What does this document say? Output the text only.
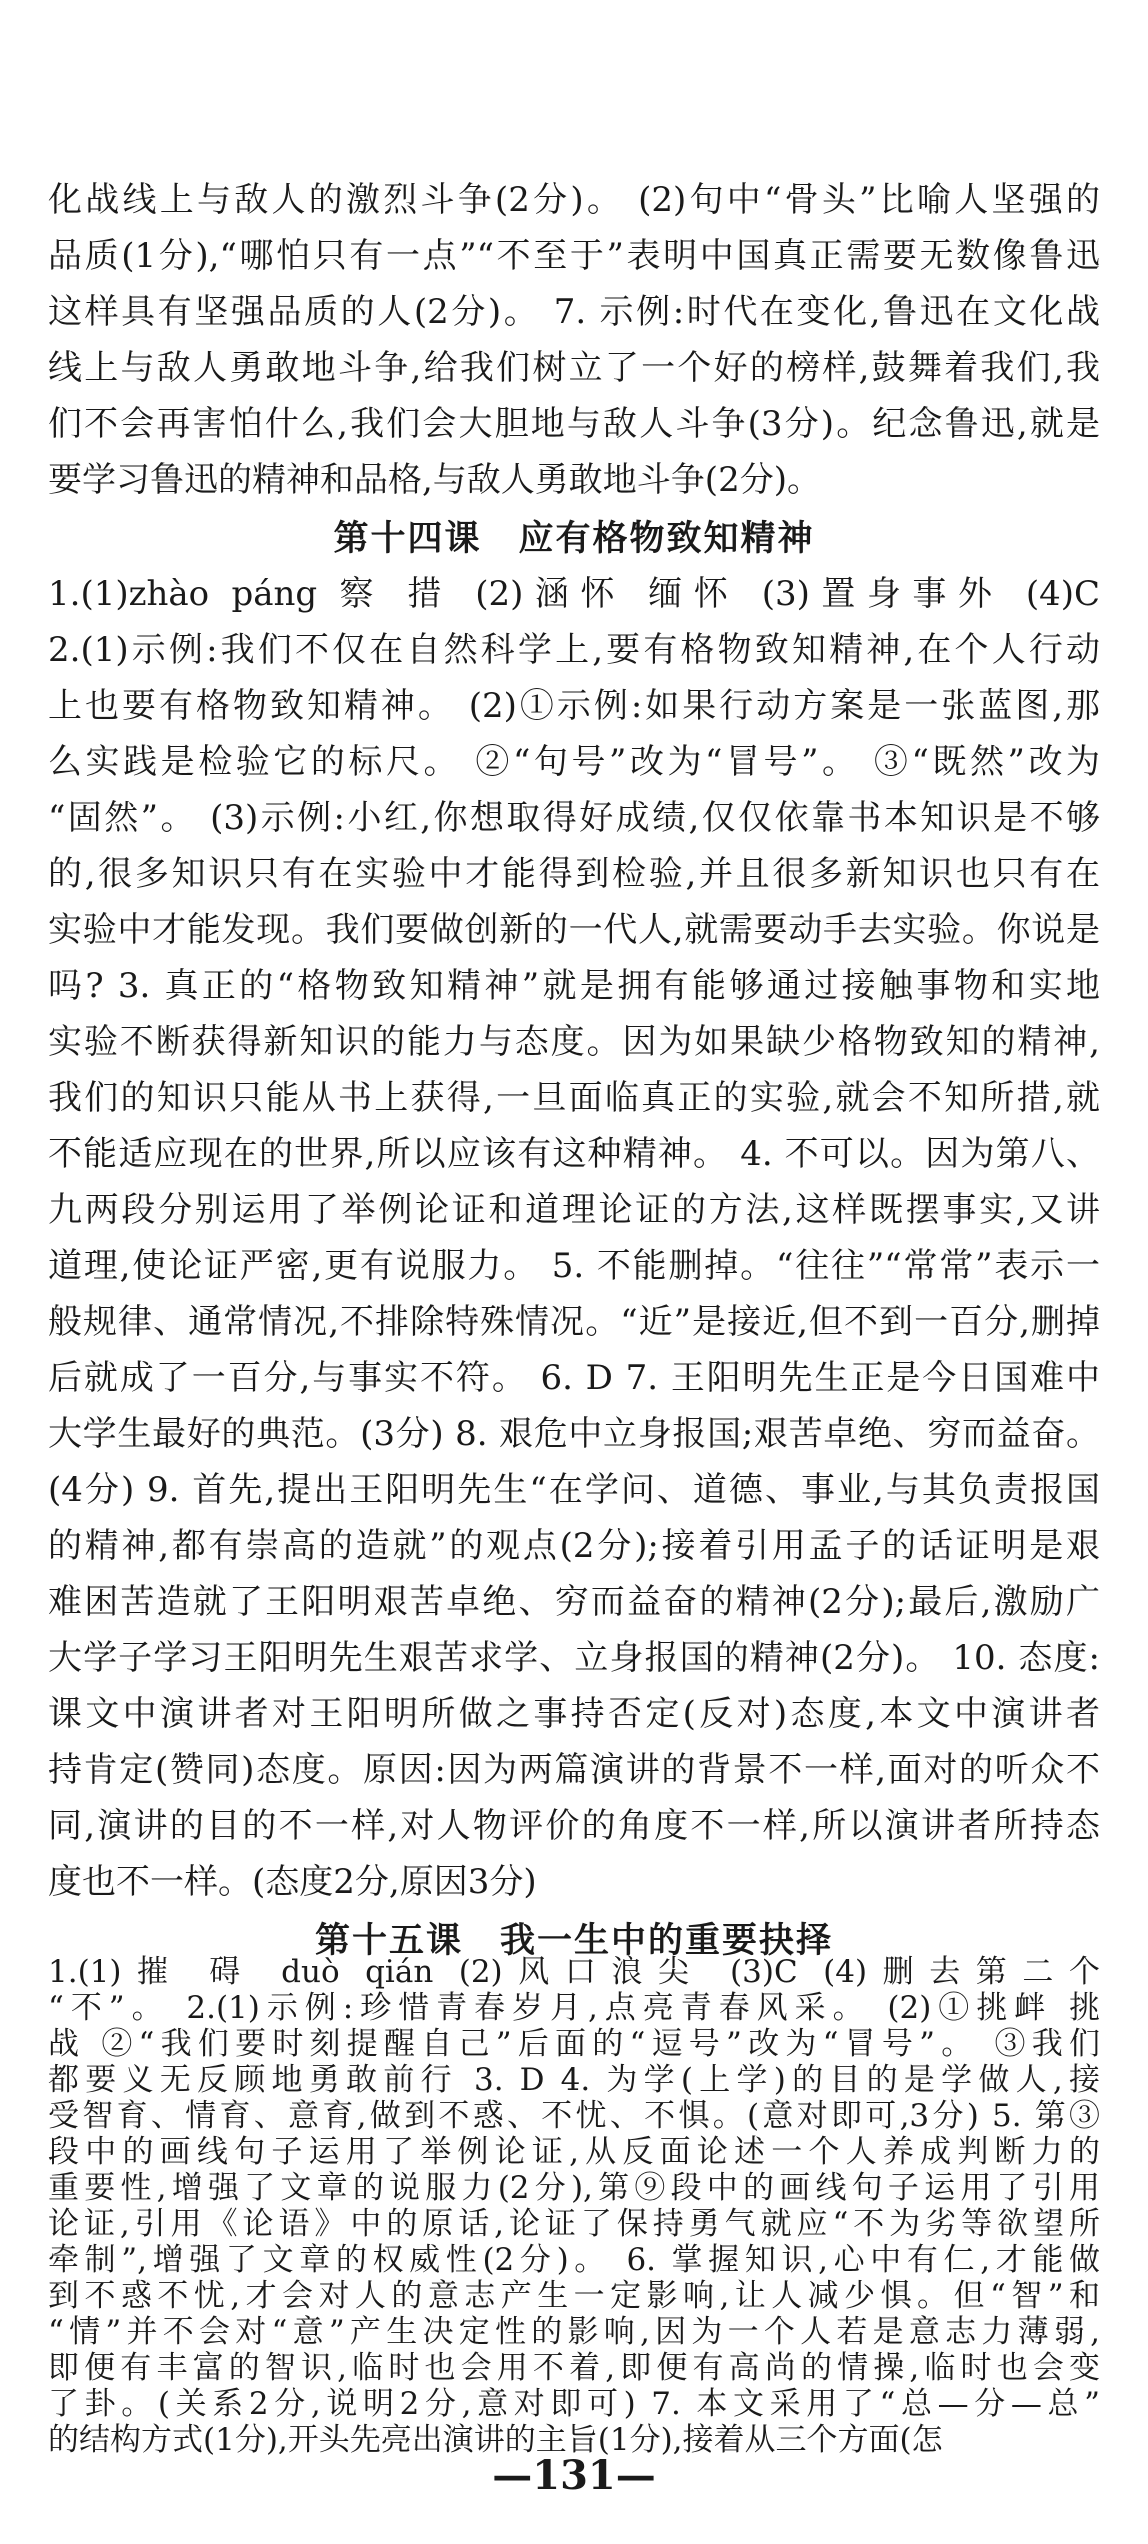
化战线上与敌人的激烈斗争(2分)。 (2)句中“骨头”比喻人坚强的
品质(1分),“哪怕只有一点”“不至于”表明中国真正需要无数像鲁迅
这样具有坚强品质的人(2分)。 7. 示例:时代在变化,鲁迅在文化战
线上与敌人勇敢地斗争,给我们树立了一个好的榜样,鼓舞着我们,我
们不会再害怕什么,我们会大胆地与敌人斗争(3分)。纪念鲁迅,就是
要学习鲁迅的精神和品格,与敌人勇敢地斗争(2分)。
第十四课　应有格物致知精神
1.(1)zhào páng 察 措 (2)涵怀 缅怀 (3)置身事外 (4)C
2.(1)示例:我们不仅在自然科学上,要有格物致知精神,在个人行动
上也要有格物致知精神。 (2)①示例:如果行动方案是一张蓝图,那
么实践是检验它的标尺。 ②“句号”改为“冒号”。 ③“既然”改为
“固然”。 (3)示例:小红,你想取得好成绩,仅仅依靠书本知识是不够
的,很多知识只有在实验中才能得到检验,并且很多新知识也只有在
实验中才能发现。我们要做创新的一代人,就需要动手去实验。你说是
吗? 3. 真正的“格物致知精神”就是拥有能够通过接触事物和实地
实验不断获得新知识的能力与态度。因为如果缺少格物致知的精神,
我们的知识只能从书上获得,一旦面临真正的实验,就会不知所措,就
不能适应现在的世界,所以应该有这种精神。 4. 不可以。因为第八、
九两段分别运用了举例论证和道理论证的方法,这样既摆事实,又讲
道理,使论证严密,更有说服力。 5. 不能删掉。“往往”“常常”表示一
般规律、通常情况,不排除特殊情况。“近”是接近,但不到一百分,删掉
后就成了一百分,与事实不符。 6. D 7. 王阳明先生正是今日国难中
大学生最好的典范。(3分) 8. 艰危中立身报国;艰苦卓绝、穷而益奋。
(4分) 9. 首先,提出王阳明先生“在学问、道德、事业,与其负责报国
的精神,都有崇高的造就”的观点(2分);接着引用孟子的话证明是艰
难困苦造就了王阳明艰苦卓绝、穷而益奋的精神(2分);最后,激励广
大学子学习王阳明先生艰苦求学、立身报国的精神(2分)。 10. 态度:
课文中演讲者对王阳明所做之事持否定(反对)态度,本文中演讲者
持肯定(赞同)态度。原因:因为两篇演讲的背景不一样,面对的听众不
同,演讲的目的不一样,对人物评价的角度不一样,所以演讲者所持态
度也不一样。(态度2分,原因3分)
第十五课　我一生中的重要抉择
—131—
1.(1)摧 碍 duò qián (2)风口浪尖 (3)C (4)删去第二个
“不”。 2.(1)示例:珍惜青春岁月,点亮青春风采。 (2)①挑衅 挑
战 ②“我们要时刻提醒自己”后面的“逗号”改为“冒号”。 ③我们
都要义无反顾地勇敢前行 3. D 4. 为学(上学)的目的是学做人,接
受智育、情育、意育,做到不惑、不忧、不惧。(意对即可,3分) 5. 第③
段中的画线句子运用了举例论证,从反面论述一个人养成判断力的
重要性,增强了文章的说服力(2分),第⑨段中的画线句子运用了引用
论证,引用《论语》中的原话,论证了保持勇气就应“不为劣等欲望所
牵制”,增强了文章的权威性(2分)。 6. 掌握知识,心中有仁,才能做
到不惑不忧,才会对人的意志产生一定影响,让人减少惧。但“智”和
“情”并不会对“意”产生决定性的影响,因为一个人若是意志力薄弱,
即便有丰富的智识,临时也会用不着,即便有高尚的情操,临时也会变
了卦。(关系2分,说明2分,意对即可) 7. 本文采用了“总—分—总”
的结构方式(1分),开头先亮出演讲的主旨(1分),接着从三个方面(怎
